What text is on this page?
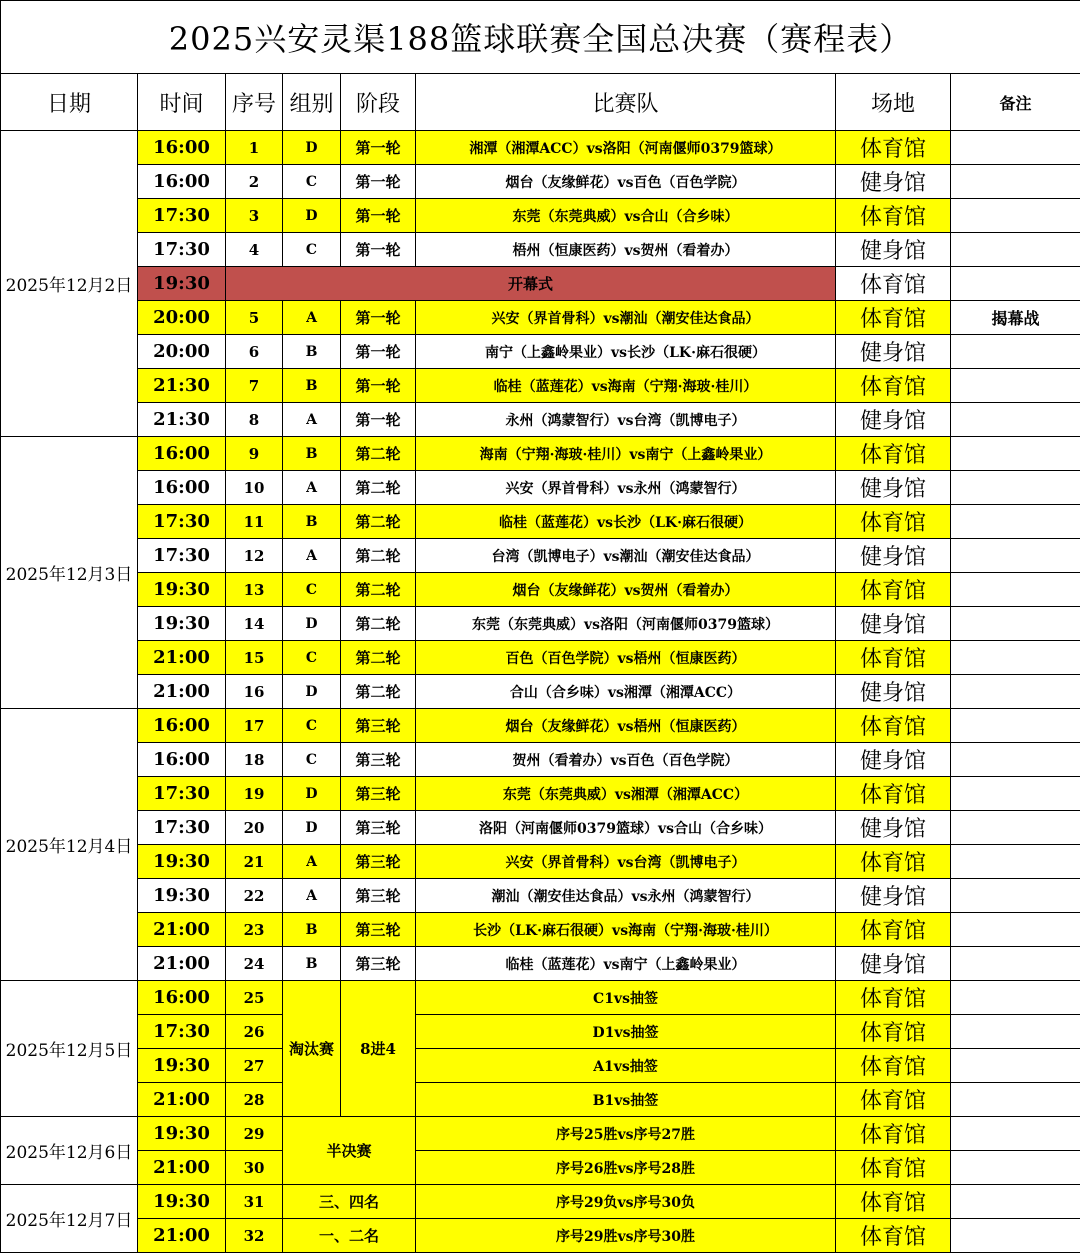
2025兴安灵渠188篮球联赛全国总决赛（赛程表）							
日期	时间	序号	组别	阶段	比赛队	场地	备注
2025年12月2日	16:00	1	D	第一轮	湘潭（湘潭ACC）vs洛阳（河南偃师0379篮球）	体育馆	
	16:00	2	C	第一轮	烟台（友缘鲜花）vs百色（百色学院）	健身馆	
	17:30	3	D	第一轮	东莞（东莞典威）vs合山（合乡味）	体育馆	
	17:30	4	C	第一轮	梧州（恒康医药）vs贺州（看着办）	健身馆	
	19:30	开幕式				体育馆	
	20:00	5	A	第一轮	兴安（界首骨科）vs潮汕（潮安佳达食品）	体育馆	揭幕战
	20:00	6	B	第一轮	南宁（上鑫岭果业）vs长沙（LK·麻石很硬）	健身馆	
	21:30	7	B	第一轮	临桂（蓝莲花）vs海南（宁翔·海玻·桂川）	体育馆	
	21:30	8	A	第一轮	永州（鸿蒙智行）vs台湾（凯博电子）	健身馆	
2025年12月3日	16:00	9	B	第二轮	海南（宁翔·海玻·桂川）vs南宁（上鑫岭果业）	体育馆	
	16:00	10	A	第二轮	兴安（界首骨科）vs永州（鸿蒙智行）	健身馆	
	17:30	11	B	第二轮	临桂（蓝莲花）vs长沙（LK·麻石很硬）	体育馆	
	17:30	12	A	第二轮	台湾（凯博电子）vs潮汕（潮安佳达食品）	健身馆	
	19:30	13	C	第二轮	烟台（友缘鲜花）vs贺州（看着办）	体育馆	
	19:30	14	D	第二轮	东莞（东莞典威）vs洛阳（河南偃师0379篮球）	健身馆	
	21:00	15	C	第二轮	百色（百色学院）vs梧州（恒康医药）	体育馆	
	21:00	16	D	第二轮	合山（合乡味）vs湘潭（湘潭ACC）	健身馆	
2025年12月4日	16:00	17	C	第三轮	烟台（友缘鲜花）vs梧州（恒康医药）	体育馆	
	16:00	18	C	第三轮	贺州（看着办）vs百色（百色学院）	健身馆	
	17:30	19	D	第三轮	东莞（东莞典威）vs湘潭（湘潭ACC）	体育馆	
	17:30	20	D	第三轮	洛阳（河南偃师0379篮球）vs合山（合乡味）	健身馆	
	19:30	21	A	第三轮	兴安（界首骨科）vs台湾（凯博电子）	体育馆	
	19:30	22	A	第三轮	潮汕（潮安佳达食品）vs永州（鸿蒙智行）	健身馆	
	21:00	23	B	第三轮	长沙（LK·麻石很硬）vs海南（宁翔·海玻·桂川）	体育馆	
	21:00	24	B	第三轮	临桂（蓝莲花）vs南宁（上鑫岭果业）	健身馆	
2025年12月5日	16:00	25	淘汰赛	8进4	C1vs抽签	体育馆	
	17:30	26			D1vs抽签	体育馆	
	19:30	27			A1vs抽签	体育馆	
	21:00	28			B1vs抽签	体育馆	
2025年12月6日	19:30	29	半决赛		序号25胜vs序号27胜	体育馆	
	21:00	30			序号26胜vs序号28胜	体育馆	
2025年12月7日	19:30	31	三、四名		序号29负vs序号30负	体育馆	
	21:00	32	一、二名		序号29胜vs序号30胜	体育馆	
